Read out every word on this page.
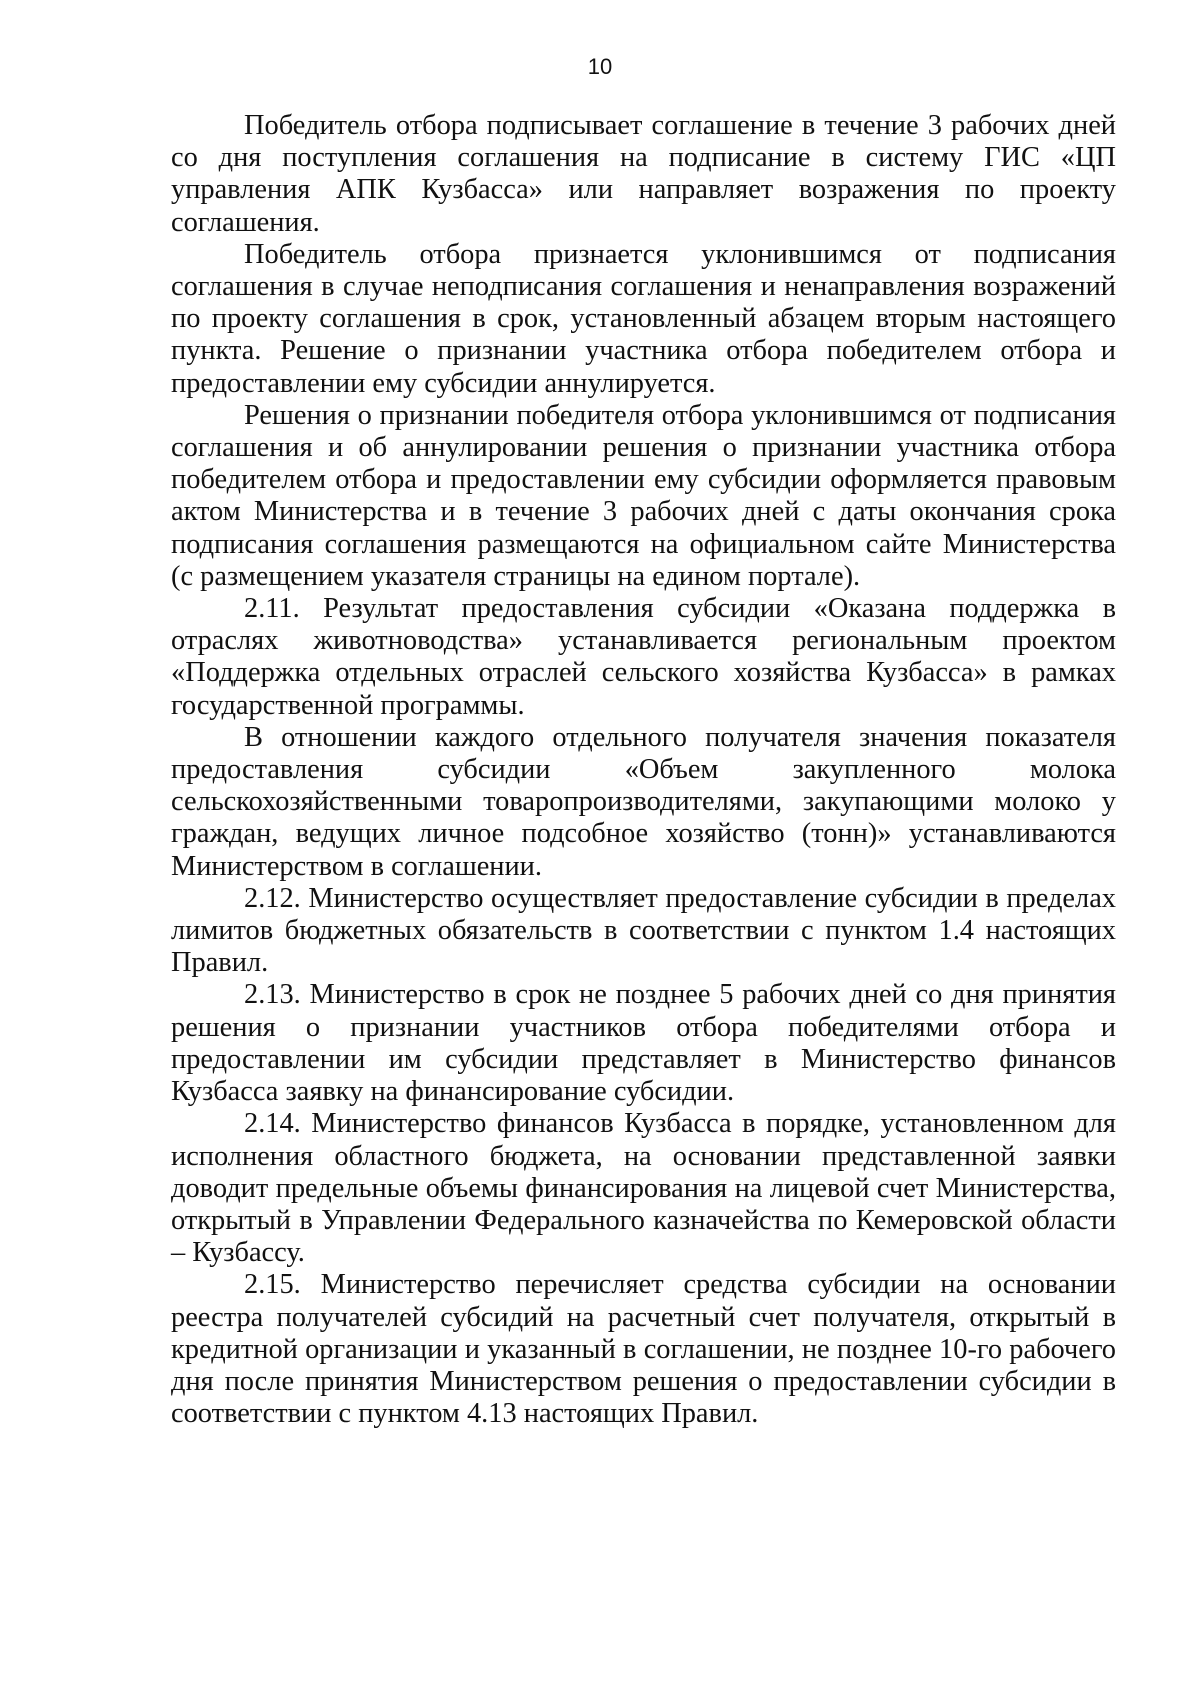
10

Победитель отбора подписывает соглашение в течение 3 рабочих дней со дня поступления соглашения на подписание в систему ГИС «ЦП управления АПК Кузбасса» или направляет возражения по проекту соглашения.

Победитель отбора признается уклонившимся от подписания соглашения в случае неподписания соглашения и ненаправления возражений по проекту соглашения в срок, установленный абзацем вторым настоящего пункта. Решение о признании участника отбора победителем отбора и предоставлении ему субсидии аннулируется.

Решения о признании победителя отбора уклонившимся от подписания соглашения и об аннулировании решения о признании участника отбора победителем отбора и предоставлении ему субсидии оформляется правовым актом Министерства и в течение 3 рабочих дней с даты окончания срока подписания соглашения размещаются на официальном сайте Министерства (с размещением указателя страницы на едином портале).

2.11. Результат предоставления субсидии «Оказана поддержка в отраслях животноводства» устанавливается региональным проектом «Поддержка отдельных отраслей сельского хозяйства Кузбасса» в рамках государственной программы.

В отношении каждого отдельного получателя значения показателя предоставления субсидии «Объем закупленного молока сельскохозяйственными товаропроизводителями, закупающими молоко у граждан, ведущих личное подсобное хозяйство (тонн)» устанавливаются Министерством в соглашении.

2.12. Министерство осуществляет предоставление субсидии в пределах лимитов бюджетных обязательств в соответствии с пунктом 1.4 настоящих Правил.

2.13. Министерство в срок не позднее 5 рабочих дней со дня принятия решения о признании участников отбора победителями отбора и предоставлении им субсидии представляет в Министерство финансов Кузбасса заявку на финансирование субсидии.

2.14. Министерство финансов Кузбасса в порядке, установленном для исполнения областного бюджета, на основании представленной заявки доводит предельные объемы финансирования на лицевой счет Министерства, открытый в Управлении Федерального казначейства по Кемеровской области – Кузбассу.

2.15. Министерство перечисляет средства субсидии на основании реестра получателей субсидий на расчетный счет получателя, открытый в кредитной организации и указанный в соглашении, не позднее 10-го рабочего дня после принятия Министерством решения о предоставлении субсидии в соответствии с пунктом 4.13 настоящих Правил.
